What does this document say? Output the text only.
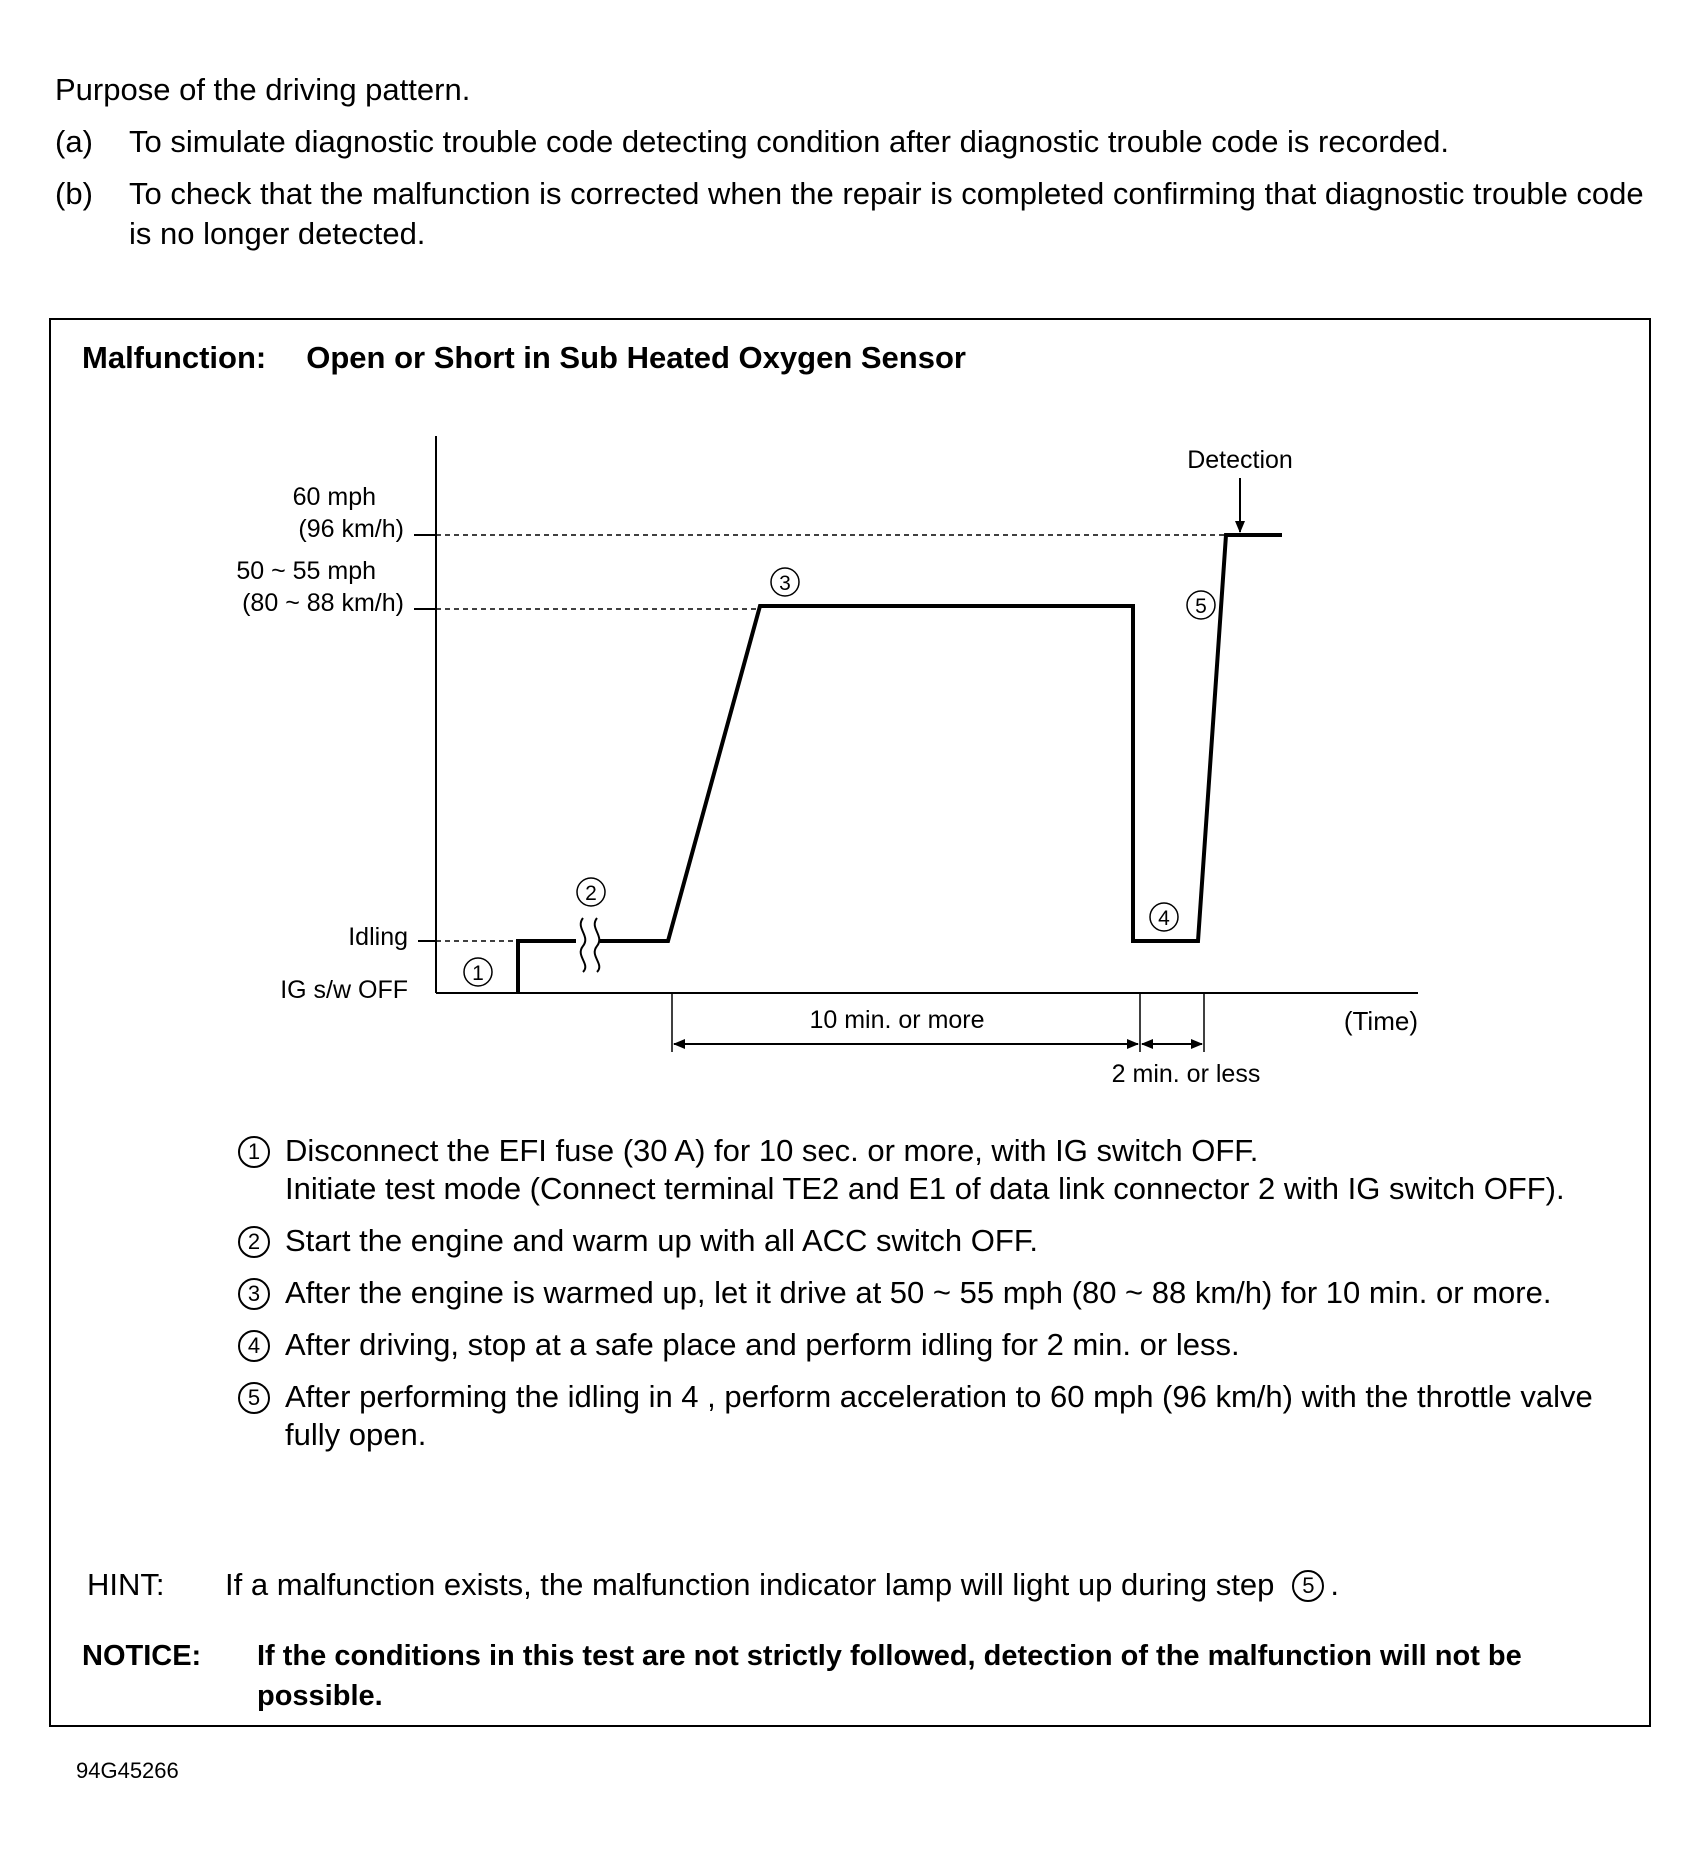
Purpose of the driving pattern.
(a) To simulate diagnostic trouble code detecting condition after diagnostic trouble code is recorded.
(b) To check that the malfunction is corrected when the repair is completed confirming that diagnostic trouble code is no longer detected.
Malfunction: Open or Short in Sub Heated Oxygen Sensor
60 mph
(96 km/h)
50 ~ 55 mph
(80 ~ 88 km/h)
Idling
IG s/w OFF
1
2
3
4
5
Detection
10 min. or more
2 min. or less
(Time)
1 Disconnect the EFI fuse (30 A) for 10 sec. or more, with IG switch OFF.
Initiate test mode (Connect terminal TE2 and E1 of data link connector 2 with IG switch OFF).
2 Start the engine and warm up with all ACC switch OFF.
3 After the engine is warmed up, let it drive at 50 ~ 55 mph (80 ~ 88 km/h) for 10 min. or more.
4 After driving, stop at a safe place and perform idling for 2 min. or less.
5 After performing the idling in 4 , perform acceleration to 60 mph (96 km/h) with the throttle valve fully open.
HINT: If a malfunction exists, the malfunction indicator lamp will light up during step 5 .
NOTICE: If the conditions in this test are not strictly followed, detection of the malfunction will not be possible.
94G45266
